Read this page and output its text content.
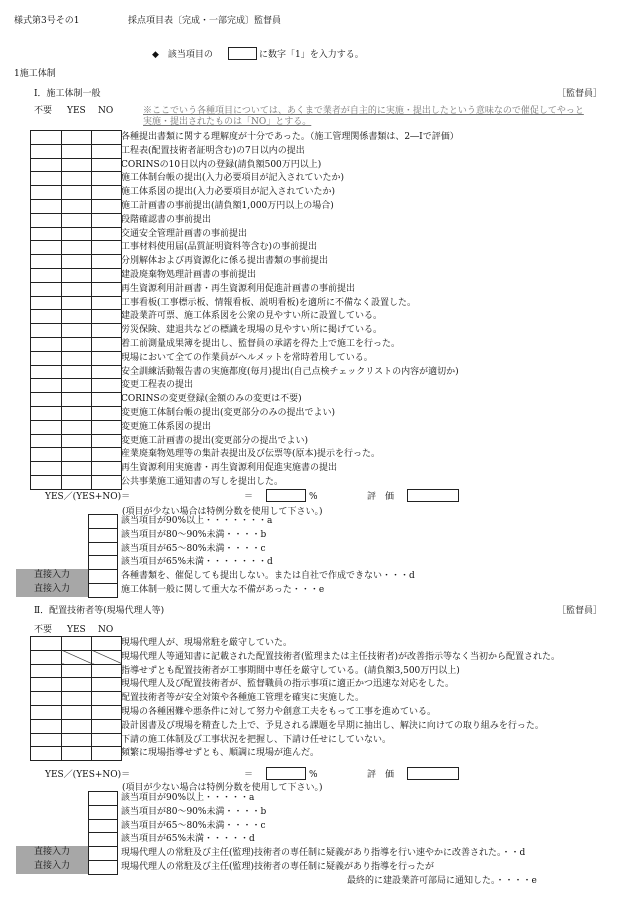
様式第3号その1	採点項目表〔完成・一部完成〕監督員
◆　該当項目の	に数字「1」を入力する。
1施工体制
Ⅰ．施工体制一般	［監督員］
不要 YES NO	※ここでいう各種項目については、あくまで業者が自主的に実施・提出したという意味なので催促してやっと
実施・提出されたものは「NO」とする。

各種提出書類に関する理解度が十分であった。（施工管理関係書類は、2―Ⅰで評価）
工程表(配置技術者証明含む)の7日以内の提出
CORINSの10日以内の登録(請負額500万円以上)
施工体制台帳の提出(入力必要項目が記入されていたか)
施工体系図の提出(入力必要項目が記入されていたか)
施工計画書の事前提出(請負額1,000万円以上の場合)
段階確認書の事前提出
交通安全管理計画書の事前提出
工事材料使用届(品質証明資料等含む)の事前提出
分別解体および再資源化に係る提出書類の事前提出
建設廃棄物処理計画書の事前提出
再生資源利用計画書・再生資源利用促進計画書の事前提出
工事看板(工事標示板、情報看板、説明看板)を適所に不備なく設置した。
建設業許可票、施工体系図を公衆の見やすい所に設置している。
労災保険、建退共などの標識を現場の見やすい所に掲げている。
着工前測量成果簿を提出し、監督員の承諾を得た上で施工を行った。
現場において全ての作業員がヘルメットを常時着用している。
安全訓練活動報告書の実施都度(毎月)提出(自己点検チェックリストの内容が適切か)
変更工程表の提出
CORINSの変更登録(金額のみの変更は不要)
変更施工体制台帳の提出(変更部分のみの提出でよい)
変更施工体系図の提出
変更施工計画書の提出(変更部分の提出でよい)
産業廃棄物処理等の集計表提出及び伝票等(原本)提示を行った。
再生資源利用実施書・再生資源利用促進実施書の提出
公共事業施工通知書の写しを提出した。
YES／(YES+NO)＝	＝	%	評　価
(項目が少ない場合は特例分数を使用して下さい。)
該当項目が90%以上・・・・・・・a
該当項目が80～90%未満・・・・b
該当項目が65～80%未満・・・・c
該当項目が65%未満・・・・・・・d
直接入力	各種書類を、催促しても提出しない。または自社で作成できない・・・d
直接入力	施工体制一般に関して重大な不備があった・・・e
Ⅱ．配置技術者等(現場代理人等)	［監督員］
不要 YES NO

現場代理人が、現場常駐を厳守していた。
現場代理人等通知書に記載された配置技術者(監理または主任技術者)が改善指示等なく当初から配置された。
指導せずとも配置技術者が工事期間中専任を厳守している。(請負額3,500万円以上)
現場代理人及び配置技術者が、監督職員の指示事項に適正かつ迅速な対応をした。
配置技術者等が安全対策や各種施工管理を確実に実施した。
現場の各種困難や悪条件に対して努力や創意工夫をもって工事を進めている。
設計図書及び現場を精査した上で、予見される課題を早期に抽出し、解決に向けての取り組みを行った。
下請の施工体制及び工事状況を把握し、下請け任せにしていない。
頻繁に現場指導せずとも、順調に現場が進んだ。
YES／(YES+NO)＝	＝	%	評　価
(項目が少ない場合は特例分数を使用して下さい。)
該当項目が90%以上・・・・・a
該当項目が80～90%未満・・・・b
該当項目が65～80%未満・・・・c
該当項目が65%未満・・・・・d
直接入力	現場代理人の常駐及び主任(監理)技術者の専任制に疑義があり指導を行い速やかに改善された。・・d
直接入力	現場代理人の常駐及び主任(監理)技術者の専任制に疑義があり指導を行ったが
最終的に建設業許可部局に通知した。・・・・e
